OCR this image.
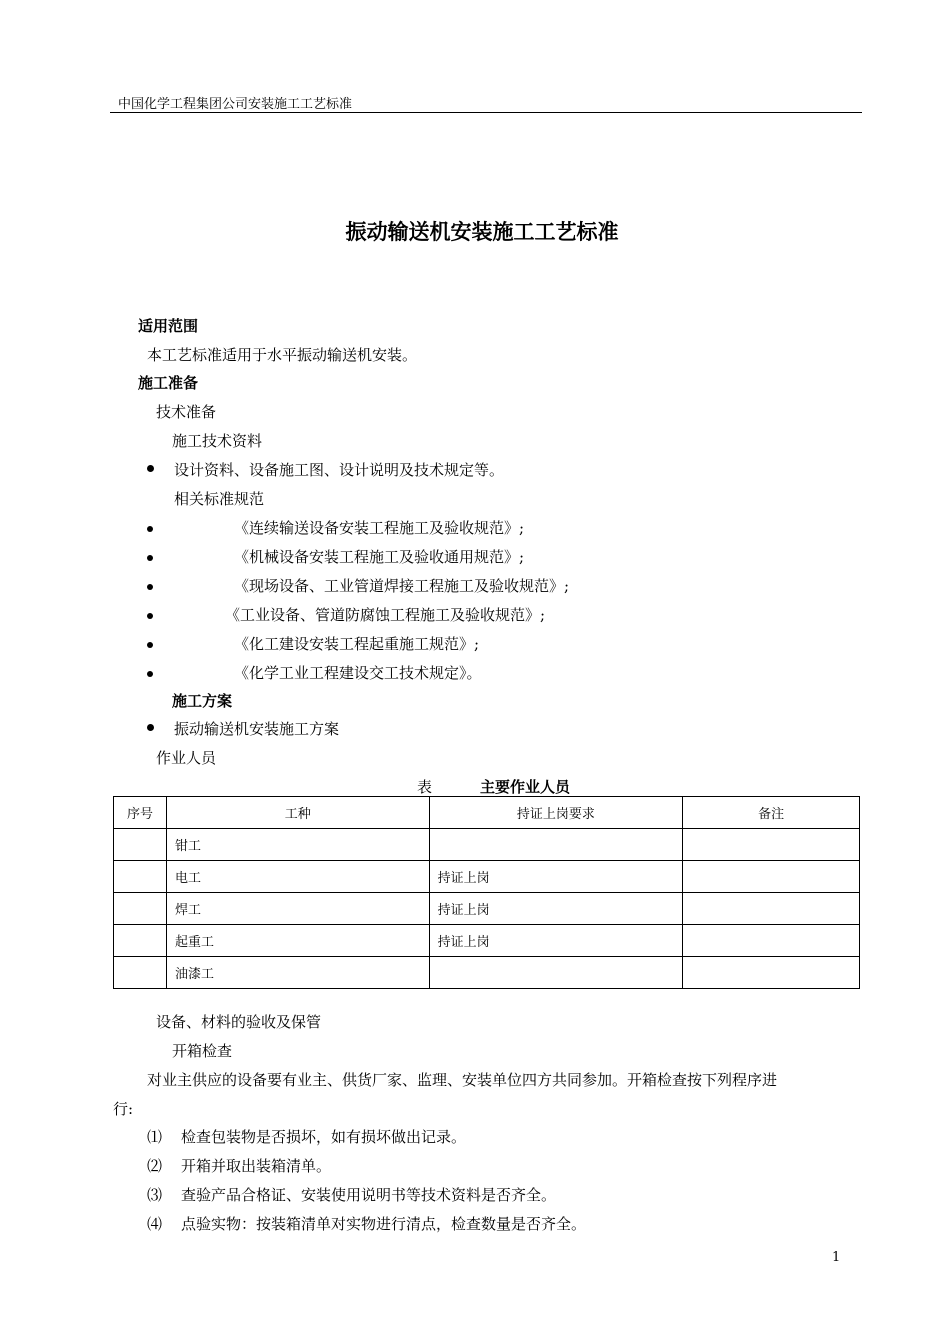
中国化学工程集团公司安装施工工艺标准
振动输送机安装施工工艺标准
适用范围
本工艺标准适用于水平振动输送机安装。
施工准备
技术准备
施工技术资料
设计资料、设备施工图、设计说明及技术规定等。
相关标准规范
《连续输送设备安装工程施工及验收规范》;
《机械设备安装工程施工及验收通用规范》;
《现场设备、工业管道焊接工程施工及验收规范》;
《工业设备、管道防腐蚀工程施工及验收规范》;
《化工建设安装工程起重施工规范》;
《化学工业工程建设交工技术规定》。
施工方案
振动输送机安装施工方案
作业人员
表	主要作业人员
序号	工种	持证上岗要求	备注
	钳工		
	电工	持证上岗	
	焊工	持证上岗	
	起重工	持证上岗	
	油漆工		
设备、材料的验收及保管
开箱检查
对业主供应的设备要有业主、供货厂家、监理、安装单位四方共同参加。开箱检查按下列程序进
行:
⑴ 检查包装物是否损坏，如有损坏做出记录。
⑵ 开箱并取出装箱清单。
⑶ 查验产品合格证、安装使用说明书等技术资料是否齐全。
⑷ 点验实物：按装箱清单对实物进行清点，检查数量是否齐全。
1
